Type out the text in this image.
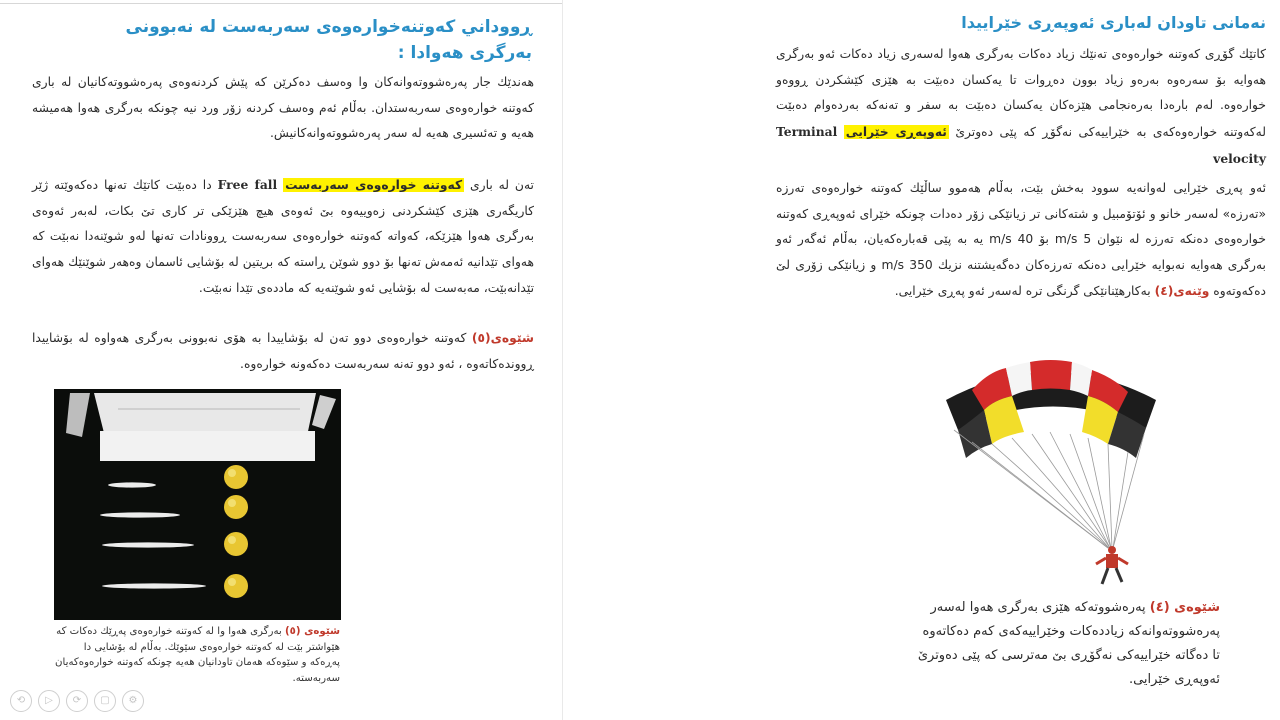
ڕووداني كەوتنەخوارەوەى سەربەست لە نەبوونى بەرگرى هەوادا :
هەندێك جار پەرەشووتەوانەكان وا وەسف دەكرێن كە پێش كردنەوەى پەرەشووتەكانيان لە بارى كەوتنە خوارەوەى سەربەستدان. بەڵام ئەم وەسف كردنە زۆر ورد نيە چونكە بەرگرى هەوا هەميشە هەيە و تەئسيرى هەيە لە سەر پەرەشووتەوانەكانيش.
تەن لە بارى كەوتنە خوارەوەى سەربەست Free fall دا دەبێت كاتێك تەنها دەكەوێتە ژێر كاريگەرى هێزى كێشكردنى زەوييەوە بێ ئەوەى هيچ هێزێكى تر كارى تێ بكات، لەبەر ئەوەى بەرگرى هەوا هێزێكە، كەواتە كەوتنە خوارەوەى سەربەست ڕوونادات تەنها لەو شوێنەدا نەبێت كە هەواى تێدانيە ئەمەش تەنها بۆ دوو شوێن ڕاستە كە بريتين لە بۆشايى ئاسمان وەهەر شوێنێك هەواى تێدانەبێت، مەبەست لە بۆشايى ئەو شوێنەيە كە ماددەى تێدا نەبێت.
شێوەى(٥) كەوتنە خوارەوەى دوو تەن لە بۆشاييدا بە هۆى نەبوونى بەرگرى هەواوە لە بۆشاييدا ڕووندەكاتەوە ، ئەو دوو تەنە سەربەست دەكەونە خوارەوە.
شێوەى (٥) بەرگرى هەوا وا لە كەوتنە خوارەوەى پەڕێك دەكات كە هێواشتر بێت لە كەوتنە خوارەوەى سێوێك. بەڵام لە بۆشايى دا پەڕەكە و سێوەكە هەمان تاودانيان هەيە چونكە كەوتنە خوارەوەكەيان سەربەستە.
نەمانى تاودان لەبارى ئەوپەڕى خێراييدا
كاتێك گۆڕى كەوتنە خوارەوەى تەنێك زياد دەكات بەرگرى هەوا لەسەرى زياد دەكات ئەو بەرگرى هەوايە بۆ سەرەوە بەرەو زياد بوون دەڕوات تا يەكسان دەبێت بە هێزى كێشكردن ڕووەو خوارەوە. لەم بارەدا بەرەنجامى هێزەكان يەكسان دەبێت بە سفر و تەنەكە بەردەوام دەبێت لەكەوتنە خوارەوەكەى بە خێراييەكى نەگۆڕ كە پێى دەوترێ ئەوپەڕى خێرايى Terminal velocity
ئەو پەڕى خێرايى لەوانەيە سوود بەخش بێت، بەڵام هەموو ساڵێك كەوتنە خوارەوەى تەرزە «تەرزە» لەسەر خانو و ئۆتۆمبيل و شتەكانى تر زيانێكى زۆر دەدات چونكە خێراى ئەوپەڕى كەوتنە خوارەوەى دەنكە تەرزە لە نێوان 5 m/s بۆ 40 m/s يە بە پێى قەبارەكەيان، بەڵام ئەگەر ئەو بەرگرى هەوايە نەبوايە خێرايى دەنكە تەرزەكان دەگەيشتنە نزيك 350 m/s و زيانێكى زۆرى لێ دەكەوتەوە وێنەى(٤) بەكارهێنانێكى گرنگى ترە لەسەر ئەو پەڕى خێرايى.
شێوەى (٤) پەرەشووتەكە هێزى بەرگرى هەوا لەسەر پەرەشووتەوانەكە زياددەكات وخێراييەكەى كەم دەكاتەوە تا دەگاتە خێراييەكى نەگۆڕى بێ مەترسى كە پێى دەوترێ ئەوپەڕى خێرايى.
⟲	▷	⟳	▢	⚙
